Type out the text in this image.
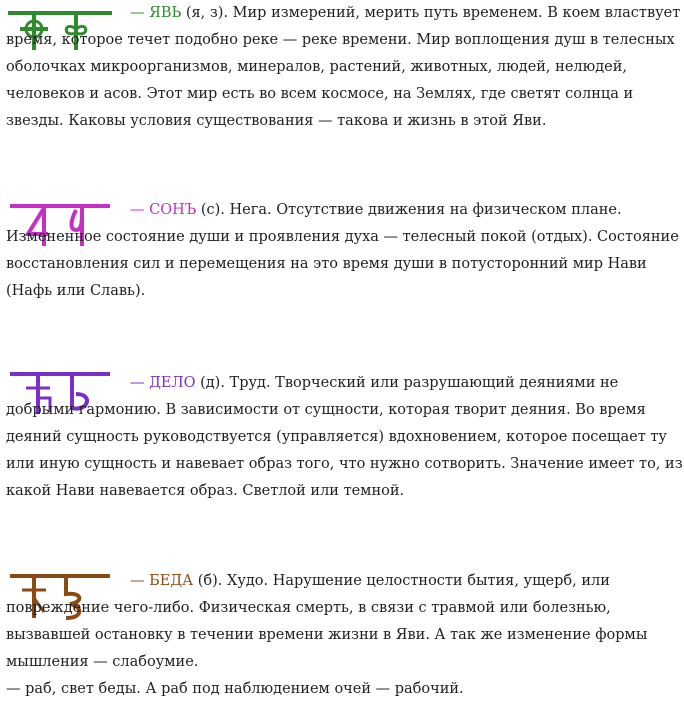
— ЯВЬ (я, з). Мир измерений, мерить путь временем. В коем властвует время, которое течет подобно реке — реке времени. Мир воплощения душ в телесных оболочках микроорганизмов, минералов, растений, животных, людей, нелюдей, человеков и асов. Этот мир есть во всем космосе, на Землях, где светят солнца и звезды. Каковы условия существования — такова и жизнь в этой Яви.

— СОНЪ (с). Нега. Отсутствие движения на физическом плане. Измененное состояние души и проявления духа — телесный покой (отдых). Состояние восстановления сил и перемещения на это время души в потусторонний мир Нави (Нафь или Славь).

— ДЕЛО (д). Труд. Творческий или разрушающий деяниями не добрыми гармонию. В зависимости от сущности, которая творит деяния. Во время деяний сущность руководствуется (управляется) вдохновением, которое посещает ту или иную сущность и навевает образ того, что нужно сотворить. Значение имеет то, из какой Нави навевается образ. Светлой или темной.

— БЕДА (б). Худо. Нарушение целостности бытия, ущерб, или повреждение чего-либо. Физическая смерть, в связи с травмой или болезнью, вызвавшей остановку в течении времени жизни в Яви. А так же изменение формы мышления — слабоумие.

— раб, свет беды. А раб под наблюдением очей — рабочий.
